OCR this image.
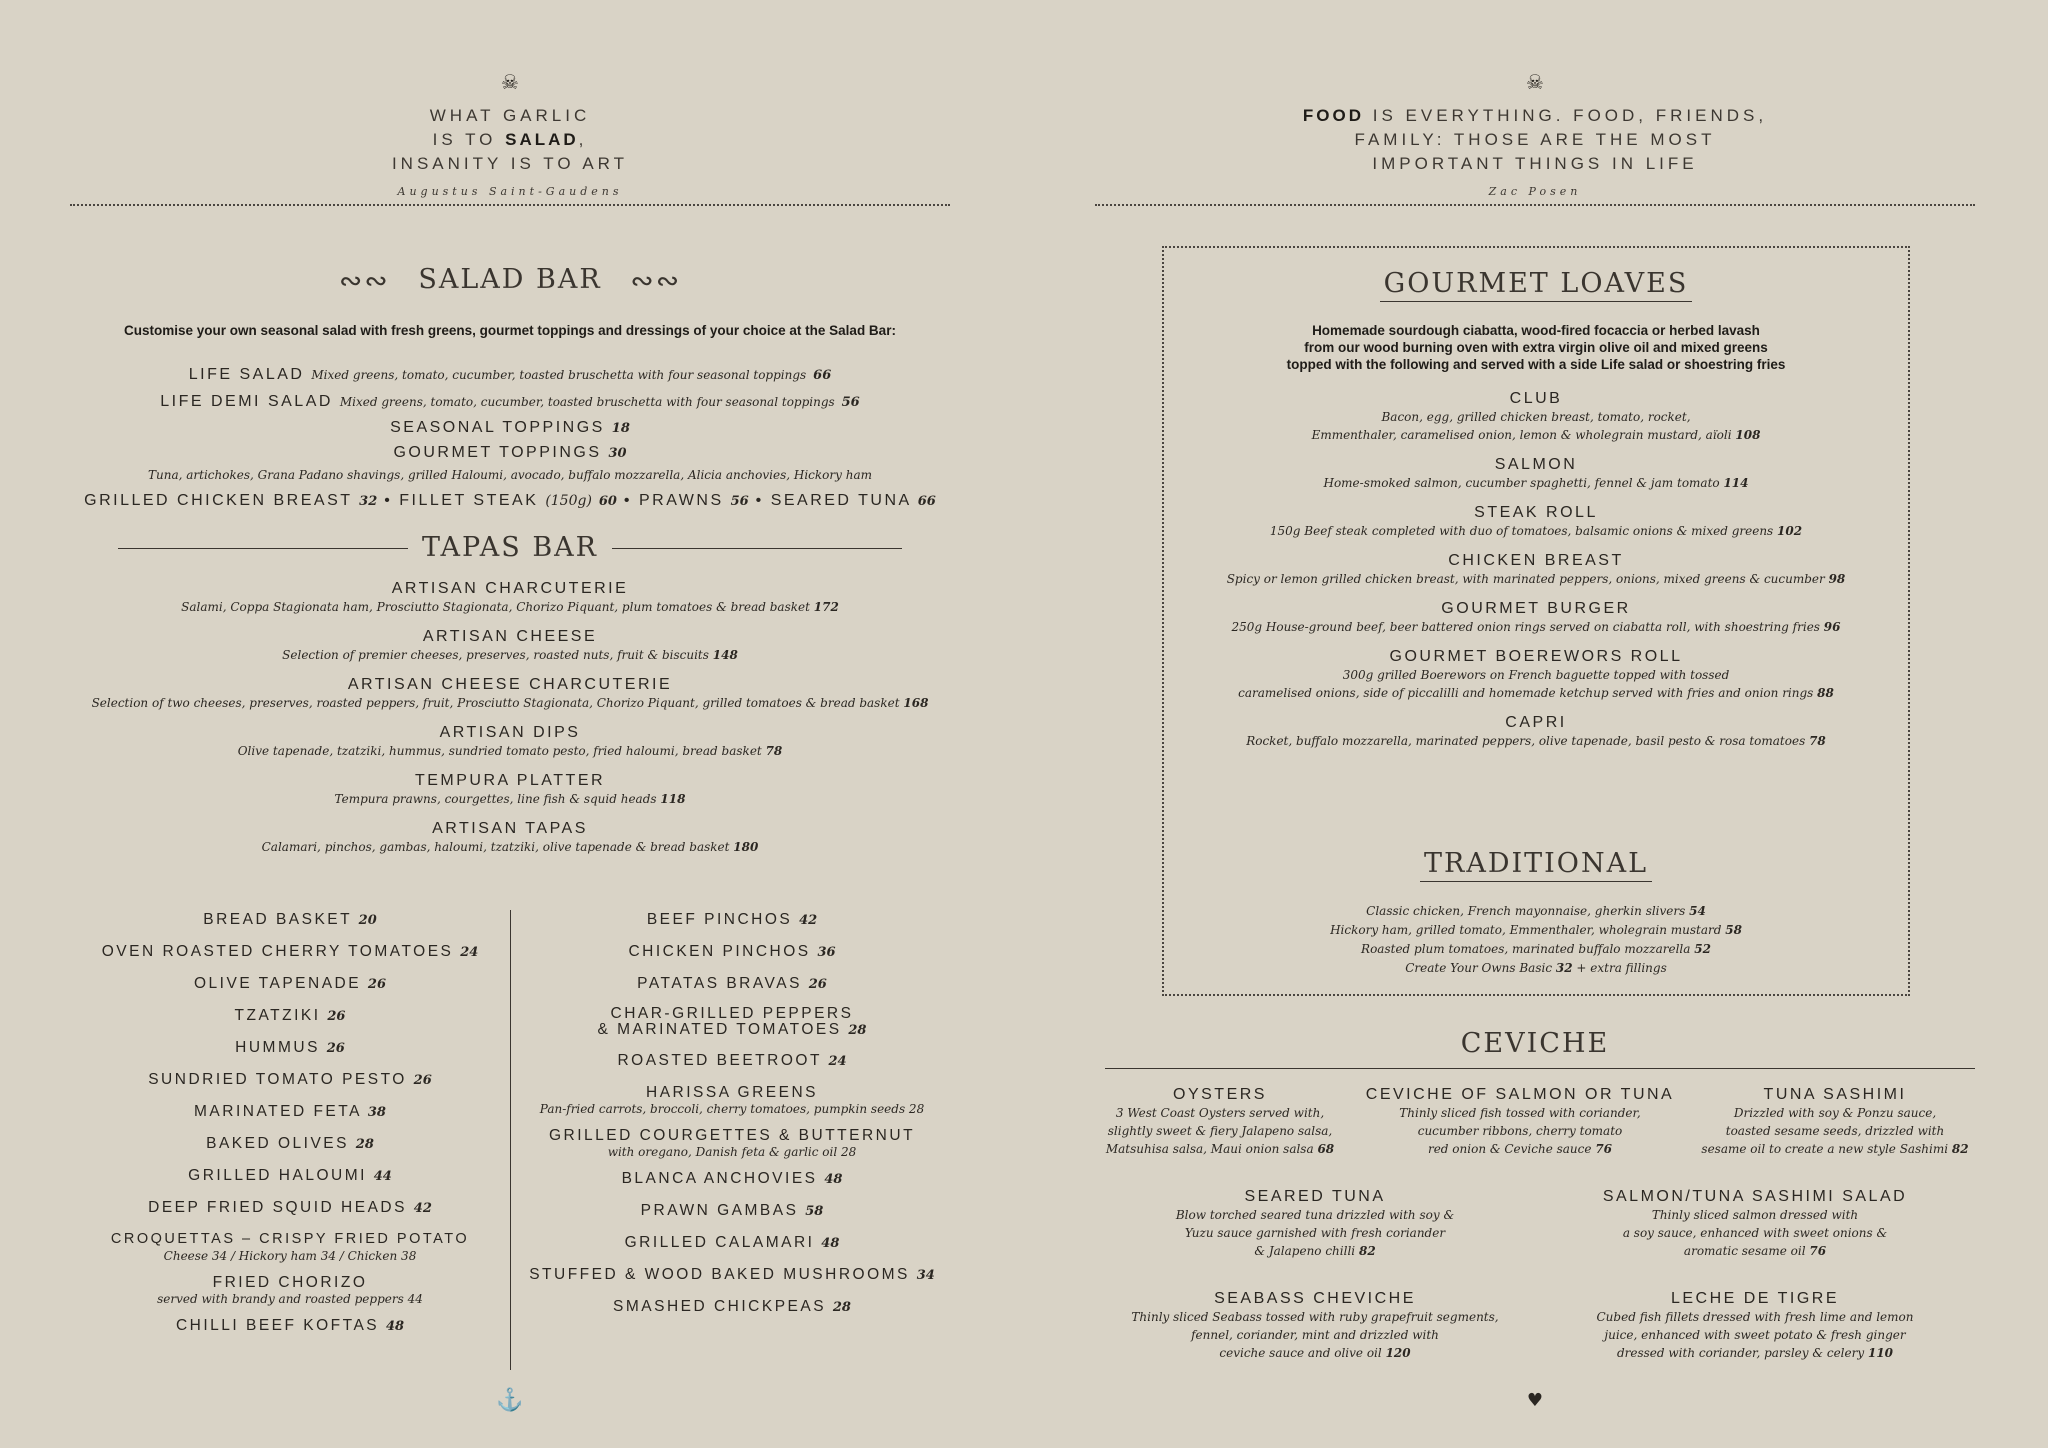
☠
WHAT GARLIC
IS TO SALAD,
INSANITY IS TO ART
Augustus Saint-Gaudens
∾∾ SALAD BAR ∾∾
Customise your own seasonal salad with fresh greens, gourmet toppings and dressings of your choice at the Salad Bar:
LIFE SALAD Mixed greens, tomato, cucumber, toasted bruschetta with four seasonal toppings 66
LIFE DEMI SALAD Mixed greens, tomato, cucumber, toasted bruschetta with four seasonal toppings 56
SEASONAL TOPPINGS 18
GOURMET TOPPINGS 30
Tuna, artichokes, Grana Padano shavings, grilled Haloumi, avocado, buffalo mozzarella, Alicia anchovies, Hickory ham
GRILLED CHICKEN BREAST 32 • FILLET STEAK (150g) 60 • PRAWNS 56 • SEARED TUNA 66
TAPAS BAR
ARTISAN CHARCUTERIE
Salami, Coppa Stagionata ham, Prosciutto Stagionata, Chorizo Piquant, plum tomatoes & bread basket 172
ARTISAN CHEESE
Selection of premier cheeses, preserves, roasted nuts, fruit & biscuits 148
ARTISAN CHEESE CHARCUTERIE
Selection of two cheeses, preserves, roasted peppers, fruit, Prosciutto Stagionata, Chorizo Piquant, grilled tomatoes & bread basket 168
ARTISAN DIPS
Olive tapenade, tzatziki, hummus, sundried tomato pesto, fried haloumi, bread basket 78
TEMPURA PLATTER
Tempura prawns, courgettes, line fish & squid heads 118
ARTISAN TAPAS
Calamari, pinchos, gambas, haloumi, tzatziki, olive tapenade & bread basket 180
BREAD BASKET 20
OVEN ROASTED CHERRY TOMATOES 24
OLIVE TAPENADE 26
TZATZIKI 26
HUMMUS 26
SUNDRIED TOMATO PESTO 26
MARINATED FETA 38
BAKED OLIVES 28
GRILLED HALOUMI 44
DEEP FRIED SQUID HEADS 42
CROQUETTAS – CRISPY FRIED POTATO
Cheese 34 / Hickory ham 34 / Chicken 38
FRIED CHORIZO
served with brandy and roasted peppers 44
CHILLI BEEF KOFTAS 48
BEEF PINCHOS 42
CHICKEN PINCHOS 36
PATATAS BRAVAS 26
CHAR-GRILLED PEPPERS
& MARINATED TOMATOES 28
ROASTED BEETROOT 24
HARISSA GREENS
Pan-fried carrots, broccoli, cherry tomatoes, pumpkin seeds 28
GRILLED COURGETTES & BUTTERNUT
with oregano, Danish feta & garlic oil 28
BLANCA ANCHOVIES 48
PRAWN GAMBAS 58
GRILLED CALAMARI 48
STUFFED & WOOD BAKED MUSHROOMS 34
SMASHED CHICKPEAS 28
⚓
☠
FOOD IS EVERYTHING. FOOD, FRIENDS,
FAMILY: THOSE ARE THE MOST
IMPORTANT THINGS IN LIFE
Zac Posen
GOURMET LOAVES
Homemade sourdough ciabatta, wood-fired focaccia or herbed lavash
from our wood burning oven with extra virgin olive oil and mixed greens
topped with the following and served with a side Life salad or shoestring fries
CLUB
Bacon, egg, grilled chicken breast, tomato, rocket,
Emmenthaler, caramelised onion, lemon & wholegrain mustard, aïoli 108
SALMON
Home-smoked salmon, cucumber spaghetti, fennel & jam tomato 114
STEAK ROLL
150g Beef steak completed with duo of tomatoes, balsamic onions & mixed greens 102
CHICKEN BREAST
Spicy or lemon grilled chicken breast, with marinated peppers, onions, mixed greens & cucumber 98
GOURMET BURGER
250g House-ground beef, beer battered onion rings served on ciabatta roll, with shoestring fries 96
GOURMET BOEREWORS ROLL
300g grilled Boerewors on French baguette topped with tossed
caramelised onions, side of piccalilli and homemade ketchup served with fries and onion rings 88
CAPRI
Rocket, buffalo mozzarella, marinated peppers, olive tapenade, basil pesto & rosa tomatoes 78
TRADITIONAL
Classic chicken, French mayonnaise, gherkin slivers 54
Hickory ham, grilled tomato, Emmenthaler, wholegrain mustard 58
Roasted plum tomatoes, marinated buffalo mozzarella 52
Create Your Owns Basic 32 + extra fillings
CEVICHE
OYSTERS
3 West Coast Oysters served with,
slightly sweet & fiery Jalapeno salsa,
Matsuhisa salsa, Maui onion salsa 68
CEVICHE OF SALMON OR TUNA
Thinly sliced fish tossed with coriander,
cucumber ribbons, cherry tomato
red onion & Ceviche sauce 76
TUNA SASHIMI
Drizzled with soy & Ponzu sauce,
toasted sesame seeds, drizzled with
sesame oil to create a new style Sashimi 82
SEARED TUNA
Blow torched seared tuna drizzled with soy &
Yuzu sauce garnished with fresh coriander
& Jalapeno chilli 82
SALMON/TUNA SASHIMI SALAD
Thinly sliced salmon dressed with
a soy sauce, enhanced with sweet onions &
aromatic sesame oil 76
SEABASS CHEVICHE
Thinly sliced Seabass tossed with ruby grapefruit segments,
fennel, coriander, mint and drizzled with
ceviche sauce and olive oil 120
LECHE DE TIGRE
Cubed fish fillets dressed with fresh lime and lemon
juice, enhanced with sweet potato & fresh ginger
dressed with coriander, parsley & celery 110
♥
